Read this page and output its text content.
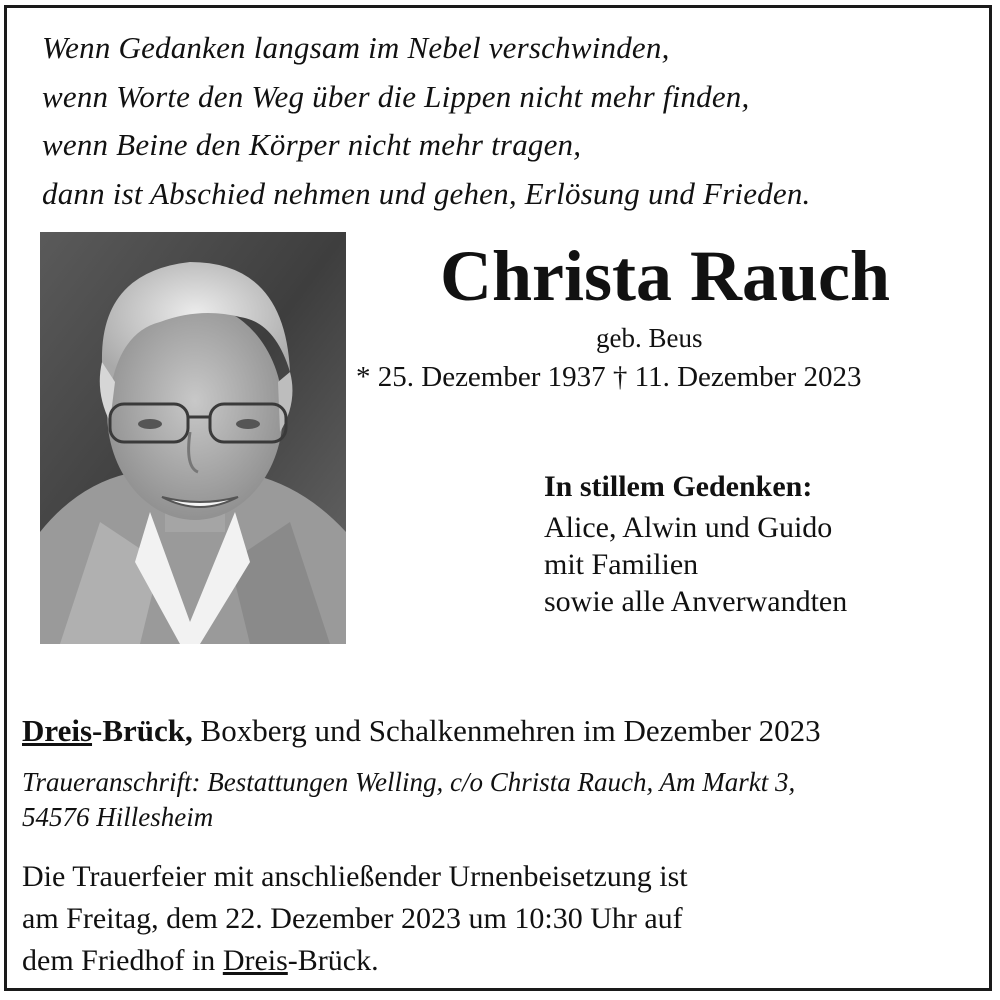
Wenn Gedanken langsam im Nebel verschwinden,
wenn Worte den Weg über die Lippen nicht mehr finden,
wenn Beine den Körper nicht mehr tragen,
dann ist Abschied nehmen und gehen, Erlösung und Frieden.
Christa Rauch
geb. Beus
* 25. Dezember 1937 † 11. Dezember 2023
In stillem Gedenken:
Alice, Alwin und Guido
mit Familien
sowie alle Anverwandten
Dreis-Brück, Boxberg und Schalkenmehren im Dezember 2023
Traueranschrift: Bestattungen Welling, c/o Christa Rauch, Am Markt 3,
54576 Hillesheim
Die Trauerfeier mit anschließender Urnenbeisetzung ist
am Freitag, dem 22. Dezember 2023 um 10:30 Uhr auf
dem Friedhof in Dreis-Brück.
